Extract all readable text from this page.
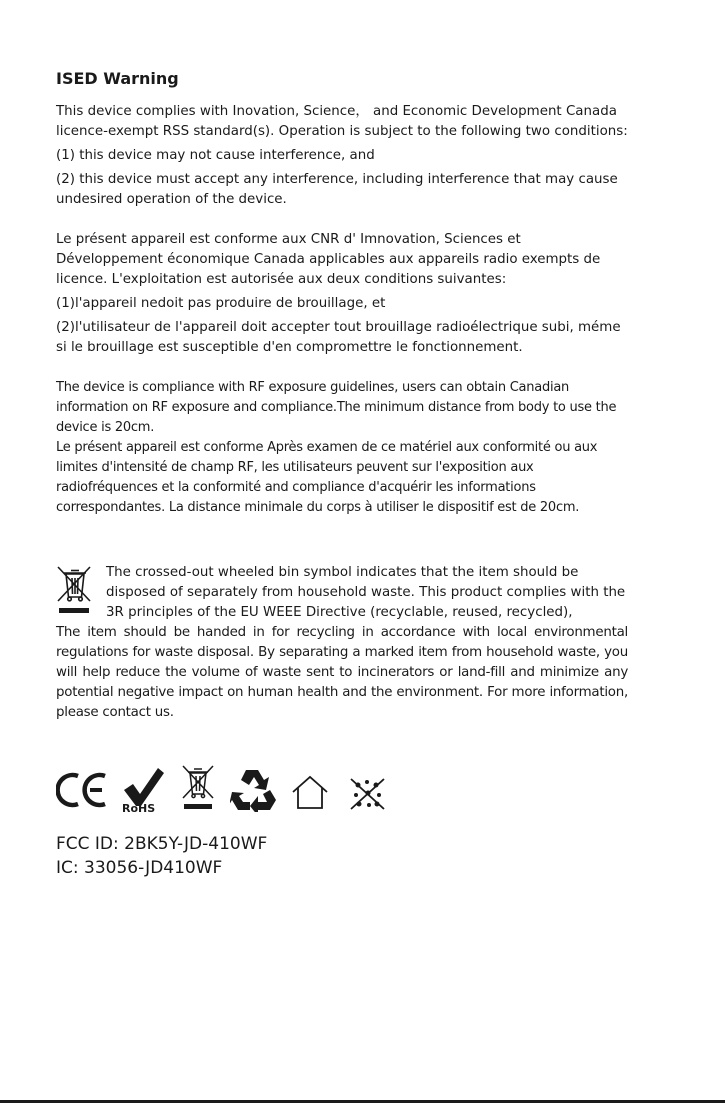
ISED Warning

This device complies with Inovation, Science， and Economic Development Canada licence-exempt RSS standard(s). Operation is subject to the following two conditions:

(1) this device may not cause interference, and

(2) this device must accept any interference, including interference that may cause undesired operation of the device.

Le présent appareil est conforme aux CNR d' Imnovation, Sciences et Développement économique Canada applicables aux appareils radio exempts de licence. L'exploitation est autorisée aux deux conditions suivantes:

(1)l'appareil nedoit pas produire de brouillage, et

(2)l'utilisateur de l'appareil doit accepter tout brouillage radioélectrique subi, méme si le brouillage est susceptible d'en compromettre le fonctionnement.

The device is compliance with RF exposure guidelines, users can obtain Canadian information on RF exposure and compliance.The minimum distance from body to use the device is 20cm.

Le présent appareil est conforme Après examen de ce matériel aux conformité ou aux limites d'intensité de champ RF, les utilisateurs peuvent sur l'exposition aux radiofréquences et la conformité and compliance d'acquérir les informations correspondantes. La distance minimale du corps à utiliser le dispositif est de 20cm.

The crossed-out wheeled bin symbol indicates that the item should be disposed of separately from household waste. This product complies with the 3R principles of the EU WEEE Directive (recyclable, reused, recycled),

The item should be handed in for recycling in accordance with local environmental regulations for waste disposal. By separating a marked item from household waste, you will help reduce the volume of waste sent to incinerators or land-fill and minimize any potential negative impact on human health and the environment. For more information, please contact us.

RoHS
FCC ID: 2BK5Y-JD-410WF
IC: 33056-JD410WF
